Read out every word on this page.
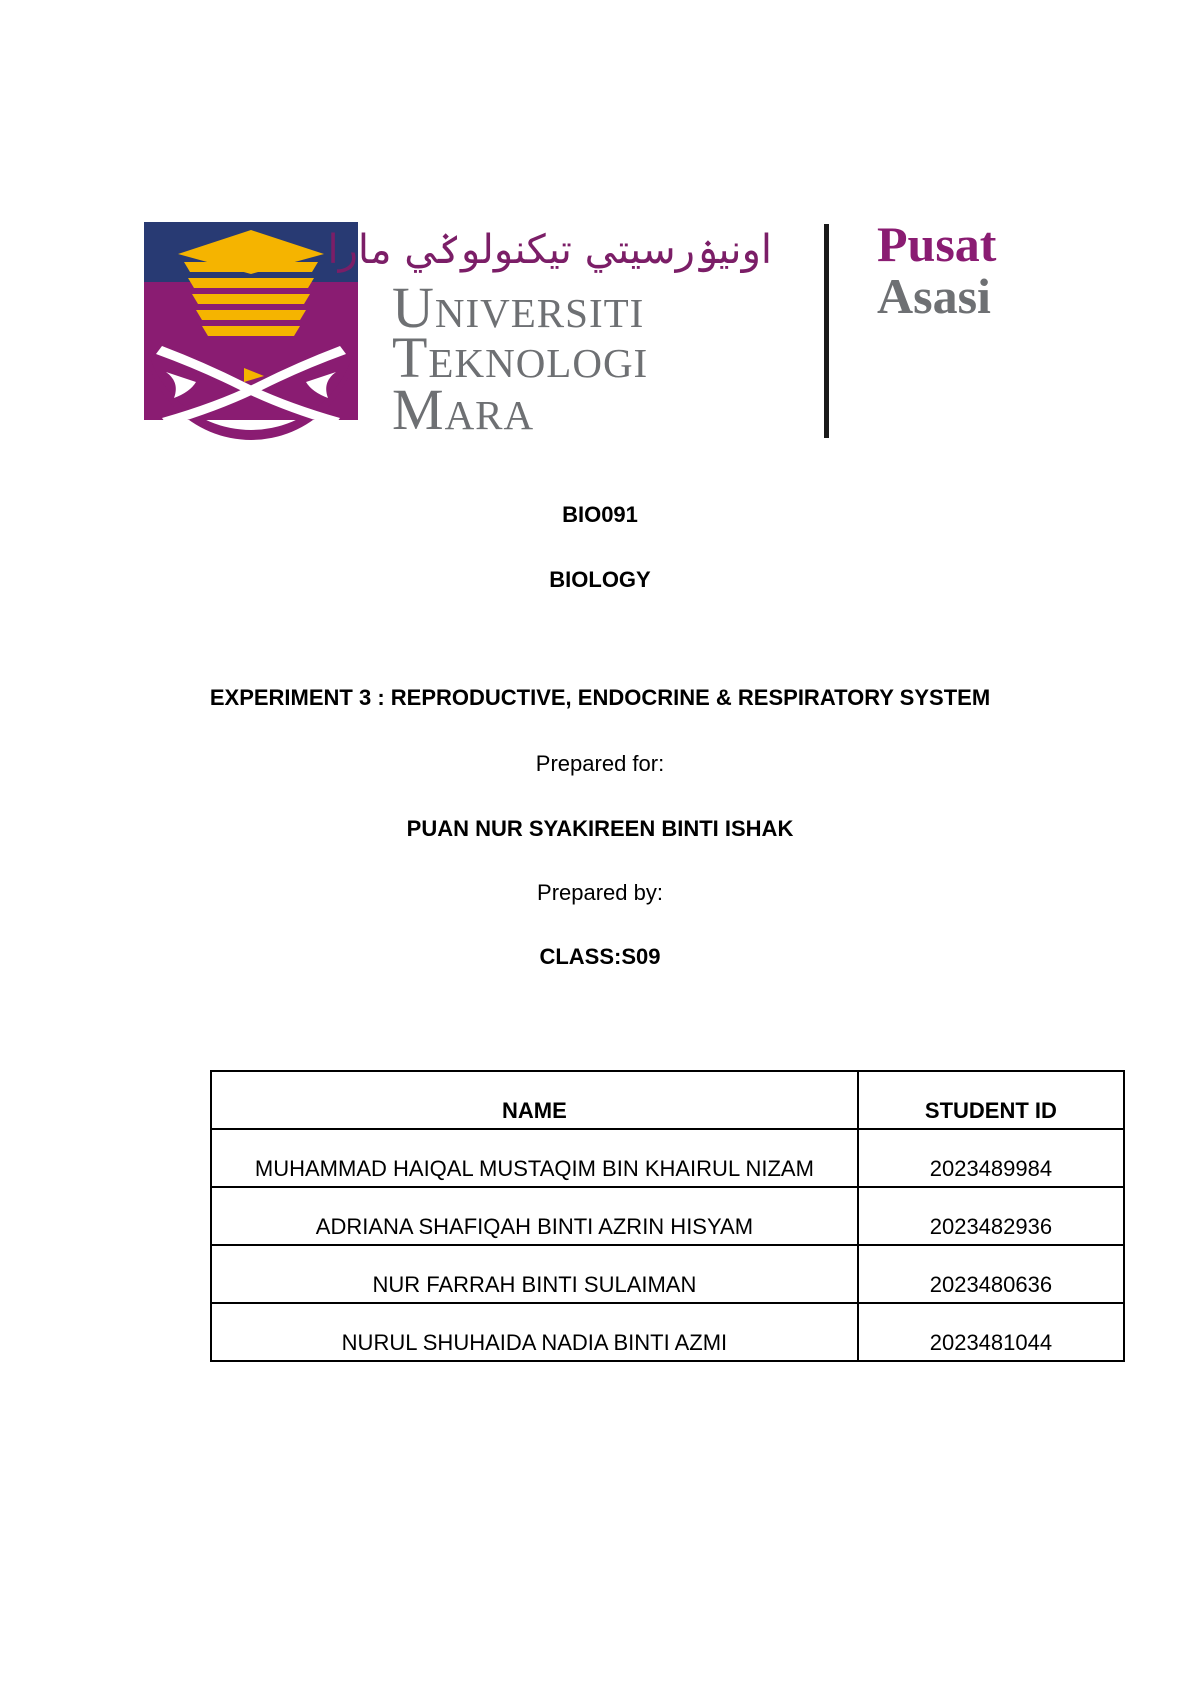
اونيۏرسيتي تيکنولوݢي مارا
Universiti
Teknologi
Mara
Pusat
Asasi
BIO091
BIOLOGY
EXPERIMENT 3 : REPRODUCTIVE, ENDOCRINE & RESPIRATORY SYSTEM
Prepared for:
PUAN NUR SYAKIREEN BINTI ISHAK
Prepared by:
CLASS:S09
NAME	STUDENT ID
MUHAMMAD HAIQAL MUSTAQIM BIN KHAIRUL NIZAM	2023489984
ADRIANA SHAFIQAH BINTI AZRIN HISYAM	2023482936
NUR FARRAH BINTI SULAIMAN	2023480636
NURUL SHUHAIDA NADIA BINTI AZMI	2023481044
